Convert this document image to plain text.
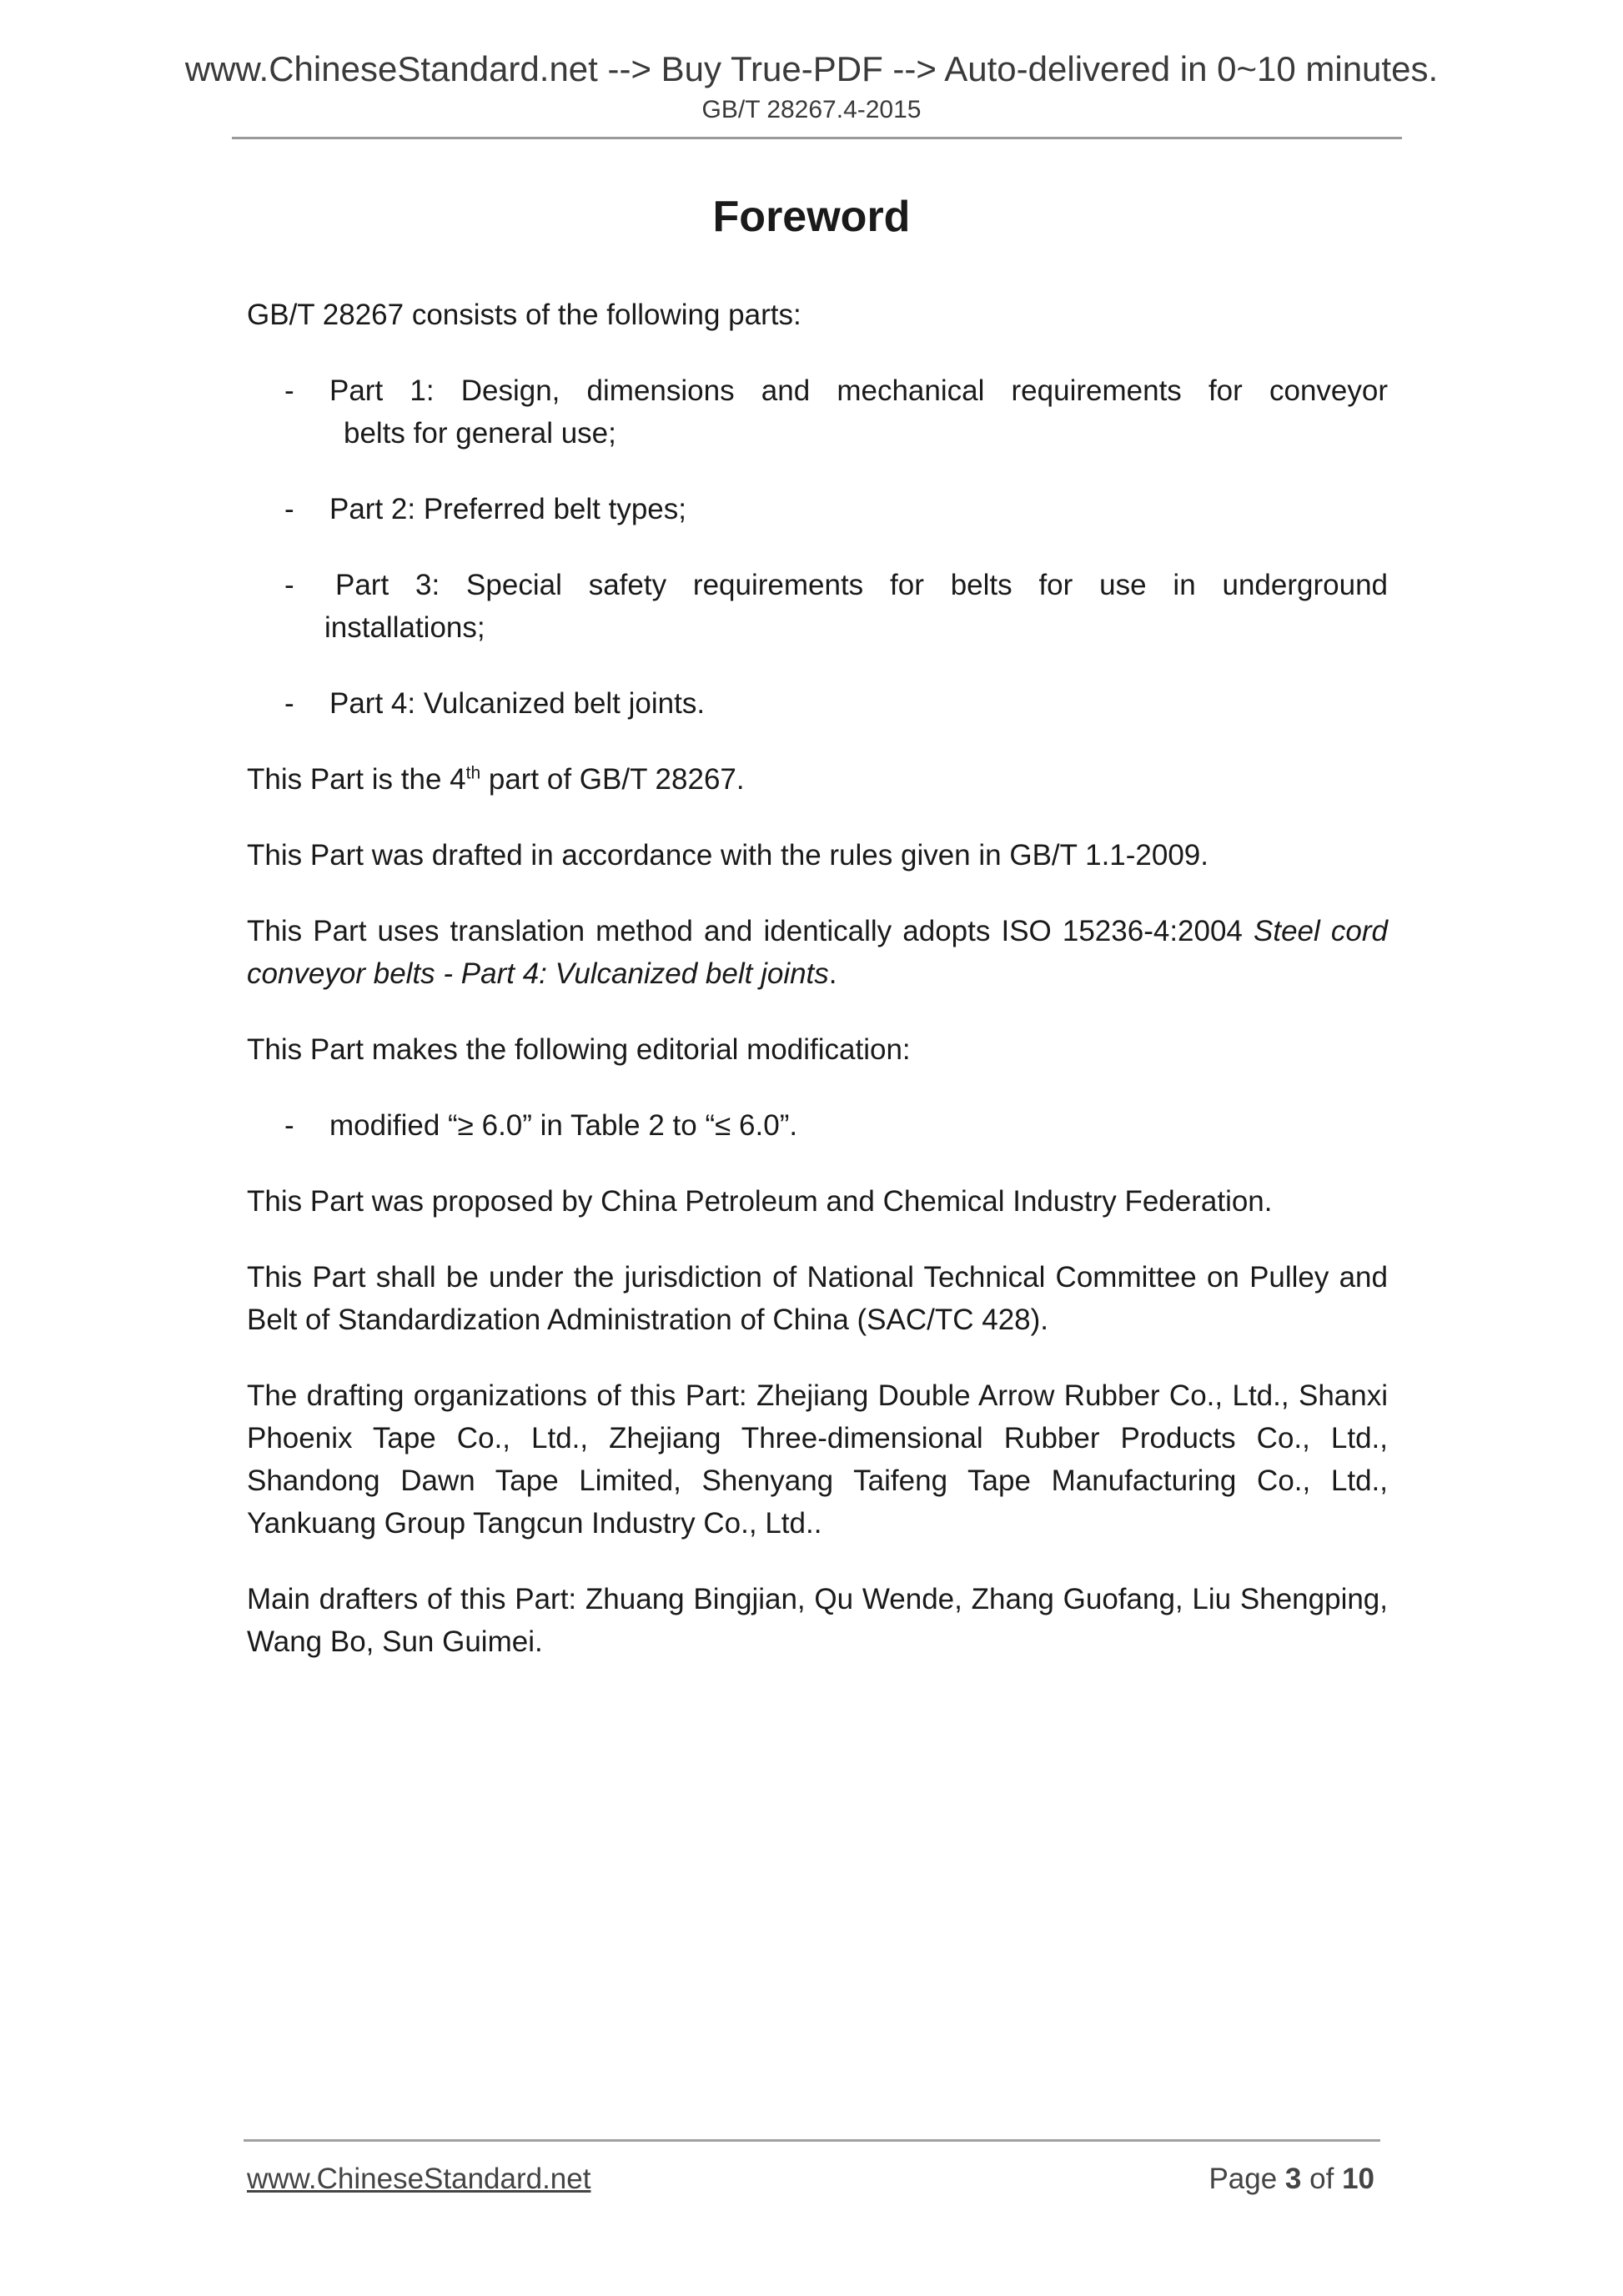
www.ChineseStandard.net --> Buy True-PDF --> Auto-delivered in 0~10 minutes.
GB/T 28267.4-2015
Foreword
GB/T 28267 consists of the following parts:
-	Part 1: Design, dimensions and mechanical requirements for conveyor
belts for general use;
-	Part 2: Preferred belt types;
-	Part 3: Special safety requirements for belts for use in underground
installations;
-	Part 4: Vulcanized belt joints.
This Part is the 4th part of GB/T 28267.
This Part was drafted in accordance with the rules given in GB/T 1.1-2009.
This Part uses translation method and identically adopts ISO 15236-4:2004 Steel cord conveyor belts - Part 4: Vulcanized belt joints.
This Part makes the following editorial modification:
-	modified “≥ 6.0” in Table 2 to “≤ 6.0”.
This Part was proposed by China Petroleum and Chemical Industry Federation.
This Part shall be under the jurisdiction of National Technical Committee on Pulley and Belt of Standardization Administration of China (SAC/TC 428).
The drafting organizations of this Part: Zhejiang Double Arrow Rubber Co., Ltd., Shanxi Phoenix Tape Co., Ltd., Zhejiang Three-dimensional Rubber Products Co., Ltd., Shandong Dawn Tape Limited, Shenyang Taifeng Tape Manufacturing Co., Ltd., Yankuang Group Tangcun Industry Co., Ltd..
Main drafters of this Part: Zhuang Bingjian, Qu Wende, Zhang Guofang, Liu Shengping, Wang Bo, Sun Guimei.
www.ChineseStandard.net	Page 3 of 10
